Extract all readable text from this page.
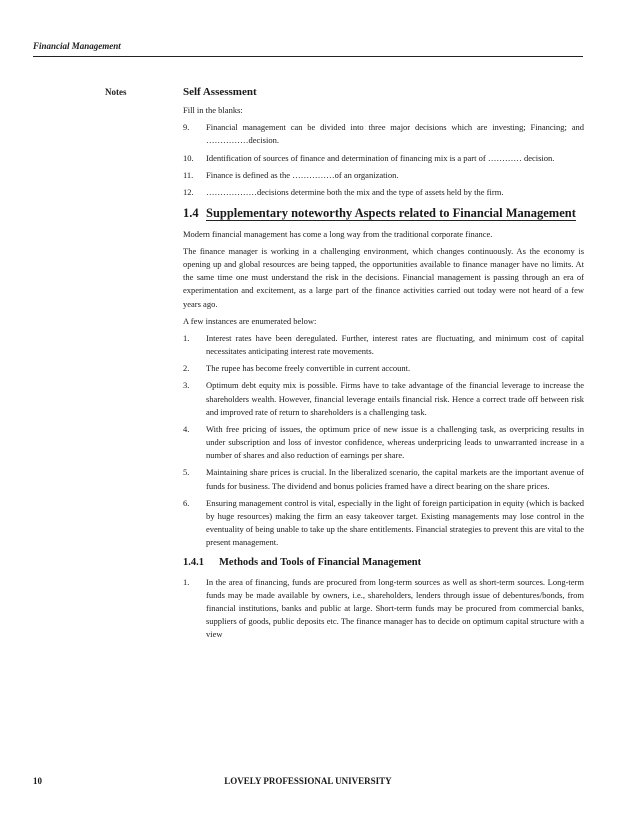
Financial Management
Notes	Self Assessment

Fill in the blanks:

9.	Financial management can be divided into three major decisions which are investing; Financing; and ……………decision.
10.	Identification of sources of finance and determination of financing mix is a part of ………… decision.
11.	Finance is defined as the ……………of an organization.
12.	………………decisions determine both the mix and the type of assets held by the firm.
1.4 Supplementary noteworthy Aspects related to Financial Management

Modern financial management has come a long way from the traditional corporate finance.

The finance manager is working in a challenging environment, which changes continuously. As the economy is opening up and global resources are being tapped, the opportunities available to finance manager have no limits. At the same time one must understand the risk in the decisions. Financial management is passing through an era of experimentation and excitement, as a large part of the finance activities carried out today were not heard of a few years ago.

A few instances are enumerated below:

1.	Interest rates have been deregulated. Further, interest rates are fluctuating, and minimum cost of capital necessitates anticipating interest rate movements.
2.	The rupee has become freely convertible in current account.
3.	Optimum debt equity mix is possible. Firms have to take advantage of the financial leverage to increase the shareholders wealth. However, financial leverage entails financial risk. Hence a correct trade off between risk and improved rate of return to shareholders is a challenging task.
4.	With free pricing of issues, the optimum price of new issue is a challenging task, as overpricing results in under subscription and loss of investor confidence, whereas underpricing leads to unwarranted increase in a number of shares and also reduction of earnings per share.
5.	Maintaining share prices is crucial. In the liberalized scenario, the capital markets are the important avenue of funds for business. The dividend and bonus policies framed have a direct bearing on the share prices.
6.	Ensuring management control is vital, especially in the light of foreign participation in equity (which is backed by huge resources) making the firm an easy takeover target. Existing managements may lose control in the eventuality of being unable to take up the share entitlements. Financial strategies to prevent this are vital to the present management.
1.4.1	Methods and Tools of Financial Management
1.	In the area of financing, funds are procured from long-term sources as well as short-term sources. Long-term funds may be made available by owners, i.e., shareholders, lenders through issue of debentures/bonds, from financial institutions, banks and public at large. Short-term funds may be procured from commercial banks, suppliers of goods, public deposits etc. The finance manager has to decide on optimum capital structure with a view
10	LOVELY PROFESSIONAL UNIVERSITY
